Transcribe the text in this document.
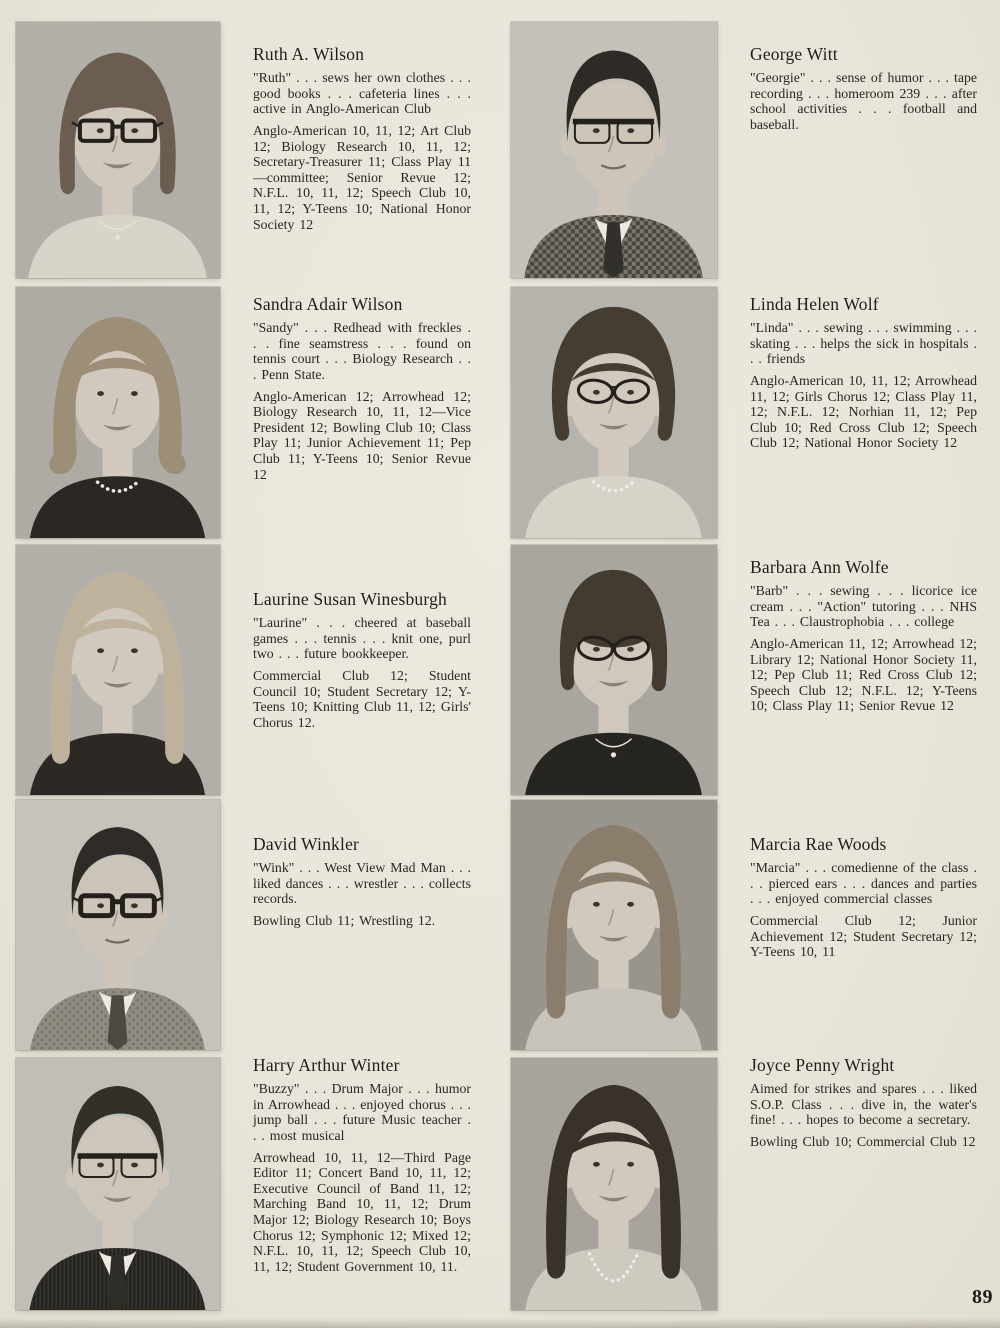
89
Ruth A. Wilson

"Ruth" . . . sews her own clothes . . . good books . . . cafeteria lines . . . active in Anglo-American Club

Anglo-American 10, 11, 12; Art Club 12; Biology Research 10, 11, 12; Secretary-Treasurer 11; Class Play 11—committee; Senior Revue 12; N.F.L. 10, 11, 12; Speech Club 10, 11, 12; Y-Teens 10; National Honor Society 12

George Witt

"Georgie" . . . sense of humor . . . tape recording . . . homeroom 239 . . . after school activities . . . football and baseball.

Sandra Adair Wilson

"Sandy" . . . Redhead with freckles . . . fine seamstress . . . found on tennis court . . . Biology Research . . . Penn State.

Anglo-American 12; Arrowhead 12; Biology Research 10, 11, 12—Vice President 12; Bowling Club 10; Class Play 11; Junior Achievement 11; Pep Club 11; Y-Teens 10; Senior Revue 12

Linda Helen Wolf

"Linda" . . . sewing . . . swimming . . . skating . . . helps the sick in hospitals . . . friends

Anglo-American 10, 11, 12; Arrowhead 11, 12; Girls Chorus 12; Class Play 11, 12; N.F.L. 12; Norhian 11, 12; Pep Club 10; Red Cross Club 12; Speech Club 12; National Honor Society 12

Laurine Susan Winesburgh

"Laurine" . . . cheered at baseball games . . . tennis . . . knit one, purl two . . . future bookkeeper.

Commercial Club 12; Student Council 10; Student Secretary 12; Y-Teens 10; Knitting Club 11, 12; Girls' Chorus 12.

Barbara Ann Wolfe

"Barb" . . . sewing . . . licorice ice cream . . . "Action" tutoring . . . NHS Tea . . . Claustrophobia . . . college

Anglo-American 11, 12; Arrowhead 12; Library 12; National Honor Society 11, 12; Pep Club 11; Red Cross Club 12; Speech Club 12; N.F.L. 12; Y-Teens 10; Class Play 11; Senior Revue 12

David Winkler

"Wink" . . . West View Mad Man . . . liked dances . . . wrestler . . . collects records.

Bowling Club 11; Wrestling 12.

Marcia Rae Woods

"Marcia" . . . comedienne of the class . . . pierced ears . . . dances and parties . . . enjoyed commercial classes

Commercial Club 12; Junior Achievement 12; Student Secretary 12; Y-Teens 10, 11

Harry Arthur Winter

"Buzzy" . . . Drum Major . . . humor in Arrowhead . . . enjoyed chorus . . . jump ball . . . future Music teacher . . . most musical

Arrowhead 10, 11, 12—Third Page Editor 11; Concert Band 10, 11, 12; Executive Council of Band 11, 12; Marching Band 10, 11, 12; Drum Major 12; Biology Research 10; Boys Chorus 12; Symphonic 12; Mixed 12; N.F.L. 10, 11, 12; Speech Club 10, 11, 12; Student Government 10, 11.

Joyce Penny Wright

Aimed for strikes and spares . . . liked S.O.P. Class . . . dive in, the water's fine! . . . hopes to become a secretary.

Bowling Club 10; Commercial Club 12
